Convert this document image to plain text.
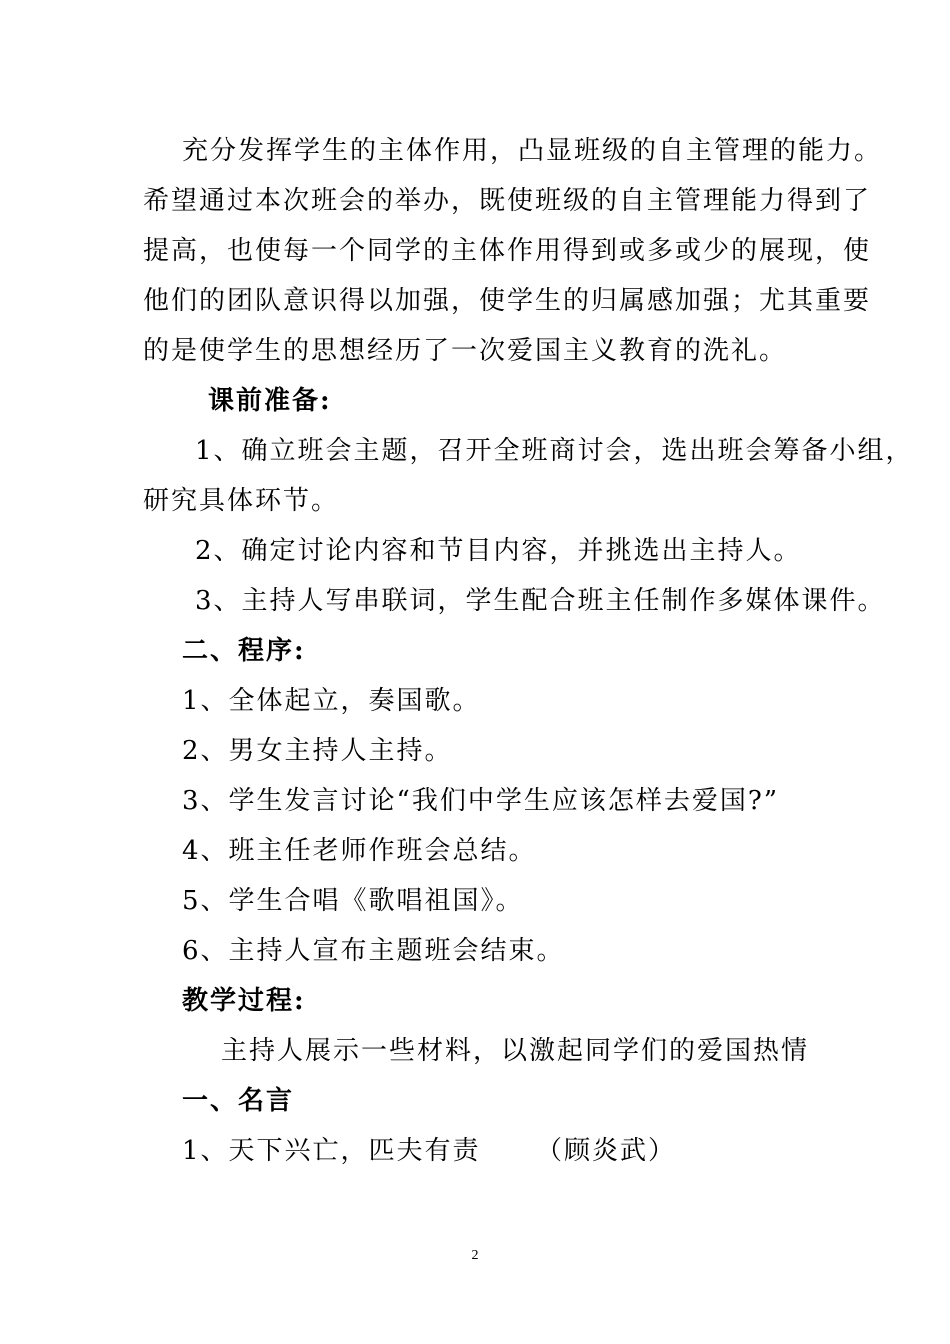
充分发挥学生的主体作用，凸显班级的自主管理的能力。
希望通过本次班会的举办，既使班级的自主管理能力得到了
提高，也使每一个同学的主体作用得到或多或少的展现，使
他们的团队意识得以加强，使学生的归属感加强；尤其重要
的是使学生的思想经历了一次爱国主义教育的洗礼。
课前准备:
1、确立班会主题，召开全班商讨会，选出班会筹备小组，
研究具体环节。
2、确定讨论内容和节目内容，并挑选出主持人。
3、主持人写串联词，学生配合班主任制作多媒体课件。
二、程序:
1、全体起立，奏国歌。
2、男女主持人主持。
3、学生发言讨论“我们中学生应该怎样去爱国?”
4、班主任老师作班会总结。
5、学生合唱《歌唱祖国》。
6、主持人宣布主题班会结束。
教学过程:
主持人展示一些材料，以激起同学们的爱国热情
一、名言
1、天下兴亡，匹夫有责 （顾炎武）
2
